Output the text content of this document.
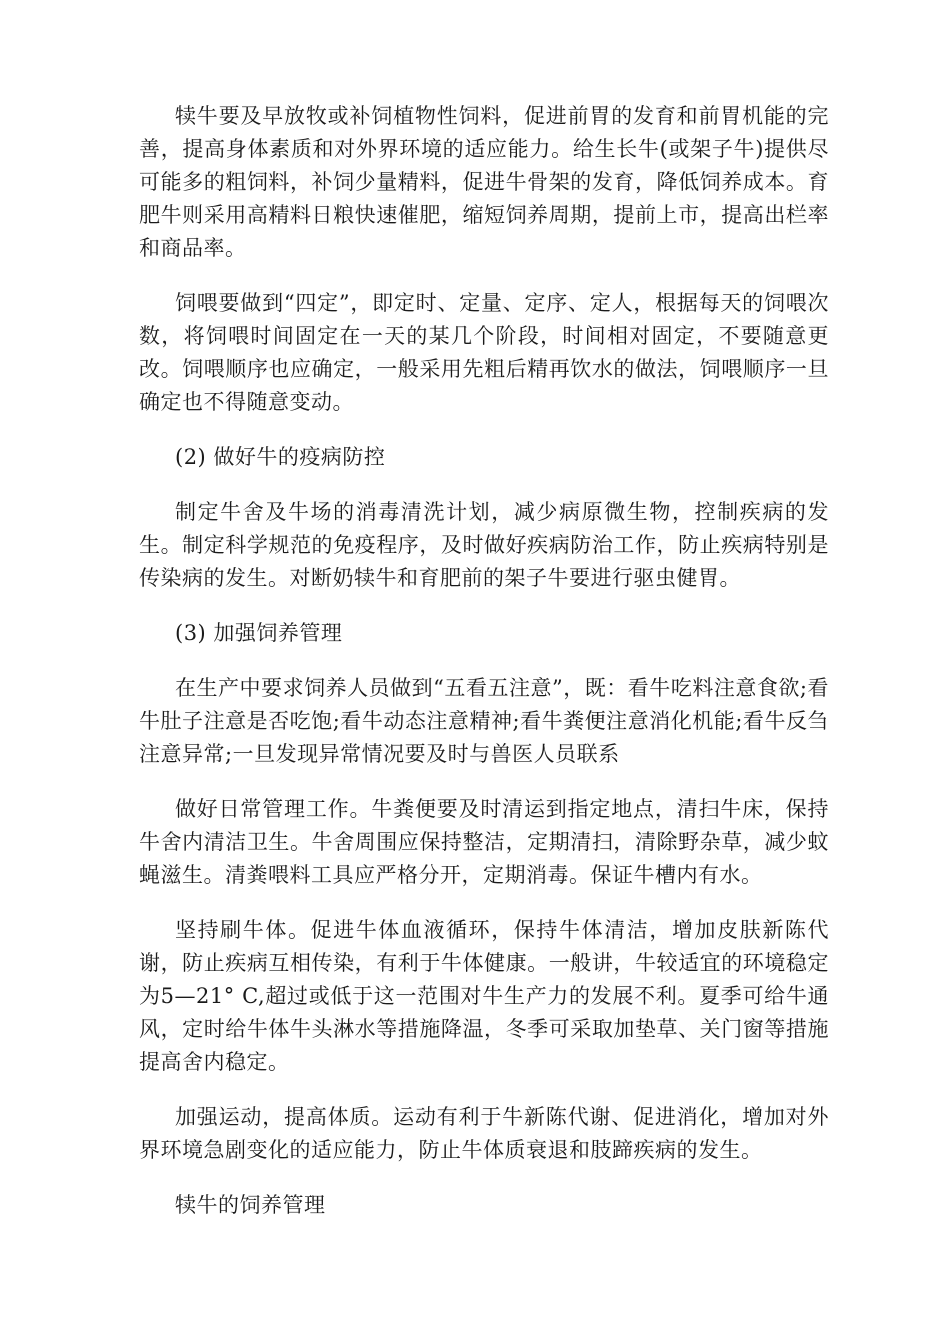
犊牛要及早放牧或补饲植物性饲料，促进前胃的发育和前胃机能的完善，提高身体素质和对外界环境的适应能力。给生长牛(或架子牛)提供尽可能多的粗饲料，补饲少量精料，促进牛骨架的发育，降低饲养成本。育肥牛则采用高精料日粮快速催肥，缩短饲养周期，提前上市，提高出栏率和商品率。

饲喂要做到“四定”，即定时、定量、定序、定人，根据每天的饲喂次数，将饲喂时间固定在一天的某几个阶段，时间相对固定，不要随意更改。饲喂顺序也应确定，一般采用先粗后精再饮水的做法，饲喂顺序一旦确定也不得随意变动。

(2) 做好牛的疫病防控

制定牛舍及牛场的消毒清洗计划，减少病原微生物，控制疾病的发生。制定科学规范的免疫程序，及时做好疾病防治工作，防止疾病特别是传染病的发生。对断奶犊牛和育肥前的架子牛要进行驱虫健胃。

(3) 加强饲养管理

在生产中要求饲养人员做到“五看五注意”，既：看牛吃料注意食欲;看牛肚子注意是否吃饱;看牛动态注意精神;看牛粪便注意消化机能;看牛反刍注意异常;一旦发现异常情况要及时与兽医人员联系

做好日常管理工作。牛粪便要及时清运到指定地点，清扫牛床，保持牛舍内清洁卫生。牛舍周围应保持整洁，定期清扫，清除野杂草，减少蚊蝇滋生。清粪喂料工具应严格分开，定期消毒。保证牛槽内有水。

坚持刷牛体。促进牛体血液循环，保持牛体清洁，增加皮肤新陈代谢，防止疾病互相传染，有利于牛体健康。一般讲，牛较适宜的环境稳定为5—21° C,超过或低于这一范围对牛生产力的发展不利。夏季可给牛通风，定时给牛体牛头淋水等措施降温，冬季可采取加垫草、关门窗等措施提高舍内稳定。

加强运动，提高体质。运动有利于牛新陈代谢、促进消化，增加对外界环境急剧变化的适应能力，防止牛体质衰退和肢蹄疾病的发生。

犊牛的饲养管理
